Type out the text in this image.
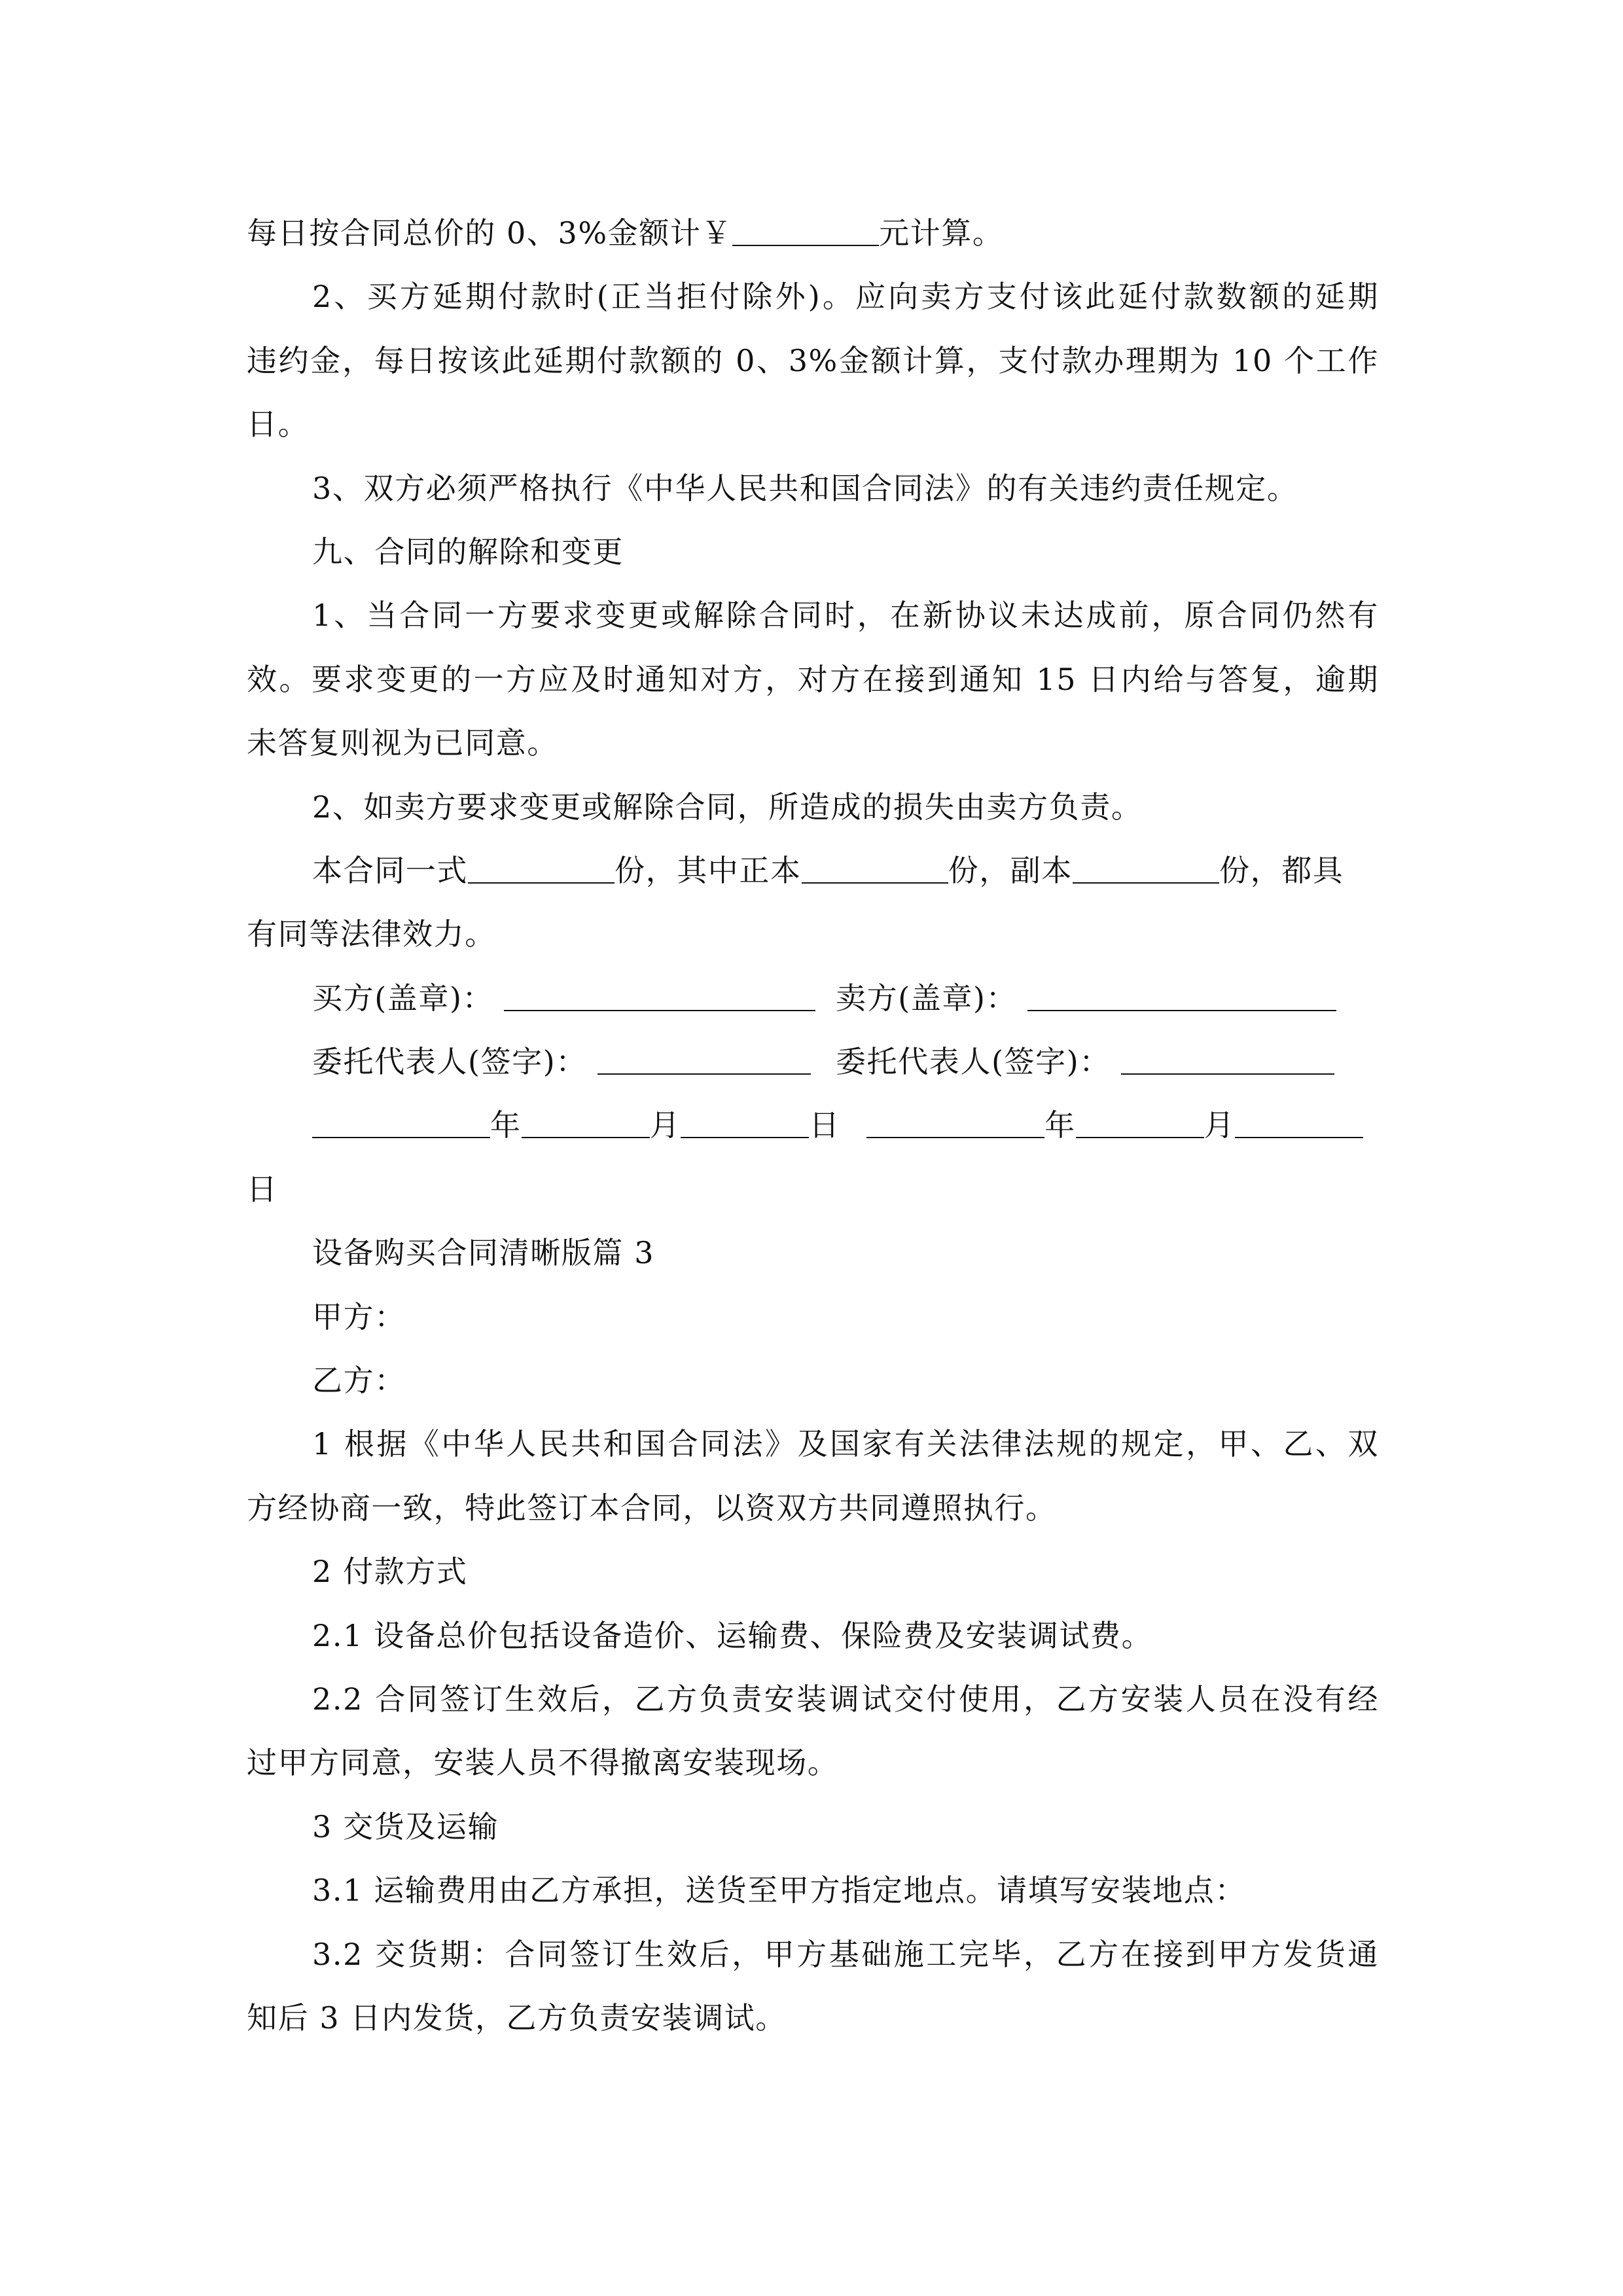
每日按合同总价的 0、3%金额计￥	元计算。
2、买方延期付款时(正当拒付除外)。应向卖方支付该此延付款数额的延期
违约金，每日按该此延期付款额的 0、3%金额计算，支付款办理期为 10 个工作
日。
3、双方必须严格执行《中华人民共和国合同法》的有关违约责任规定。
九、合同的解除和变更
1、当合同一方要求变更或解除合同时，在新协议未达成前，原合同仍然有
效。要求变更的一方应及时通知对方，对方在接到通知 15 日内给与答复，逾期
未答复则视为已同意。
2、如卖方要求变更或解除合同，所造成的损失由卖方负责。
本合同一式	份，其中正本	份，副本	份，都具
有同等法律效力。
买方(盖章)：	卖方(盖章)：
委托代表人(签字)：	委托代表人(签字)：
年	月	日	年	月
日
设备购买合同清晰版篇 3
甲方：
乙方：
1 根据《中华人民共和国合同法》及国家有关法律法规的规定，甲、乙、双
方经协商一致，特此签订本合同，以资双方共同遵照执行。
2 付款方式
2.1 设备总价包括设备造价、运输费、保险费及安装调试费。
2.2 合同签订生效后，乙方负责安装调试交付使用，乙方安装人员在没有经
过甲方同意，安装人员不得撤离安装现场。
3 交货及运输
3.1 运输费用由乙方承担，送货至甲方指定地点。请填写安装地点：
3.2 交货期：合同签订生效后，甲方基础施工完毕，乙方在接到甲方发货通
知后 3 日内发货，乙方负责安装调试。
